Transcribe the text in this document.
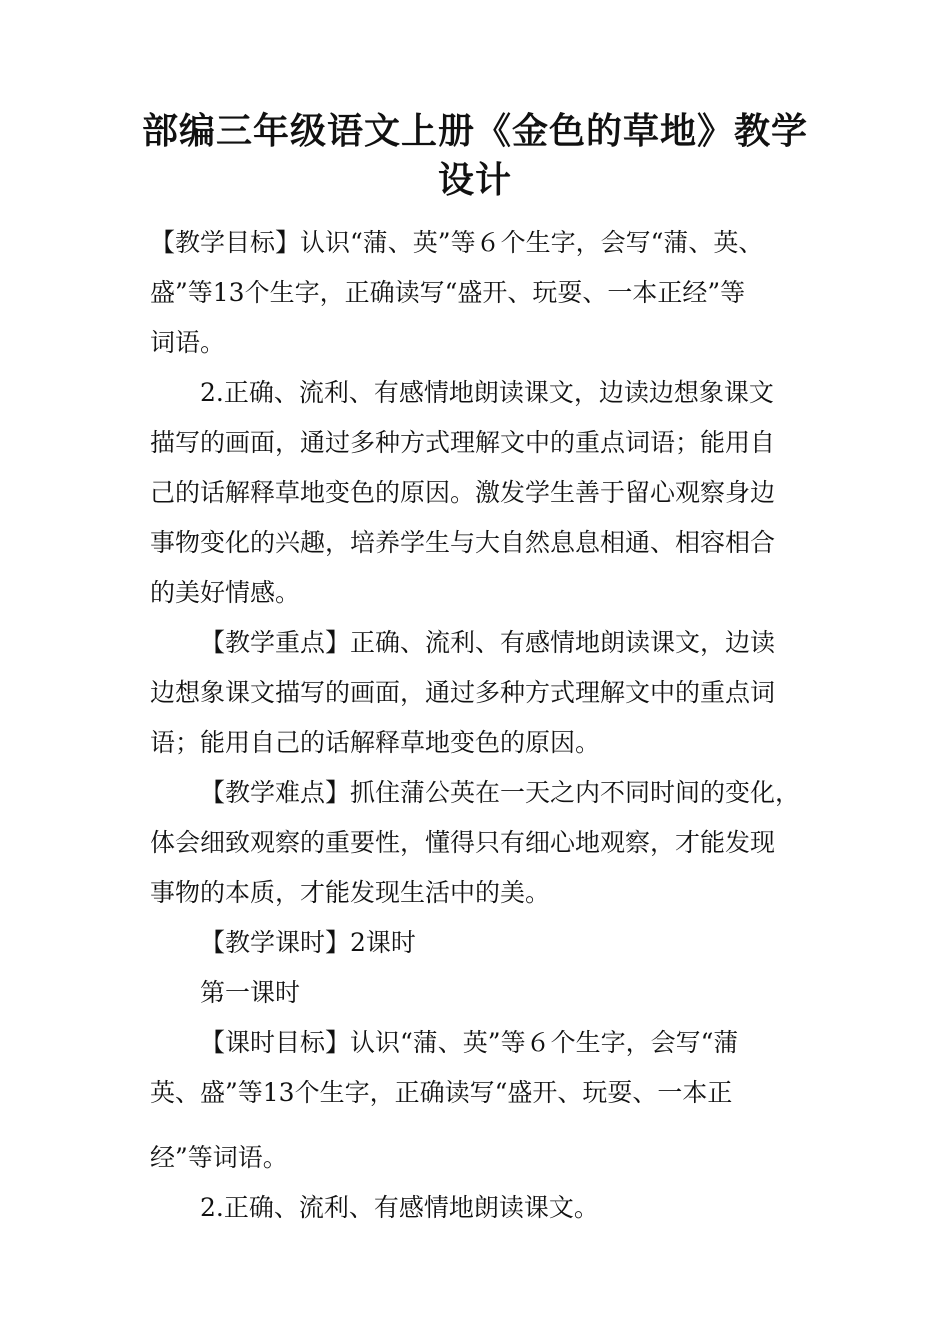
部编三年级语文上册《金色的草地》教学
设计

【教学目标】认识“蒲、英”等６个生字，会写“蒲、英、
盛”等13个生字，正确读写“盛开、玩耍、一本正经”等
词语。

2.正确、流利、有感情地朗读课文，边读边想象课文
描写的画面，通过多种方式理解文中的重点词语；能用自
己的话解释草地变色的原因。激发学生善于留心观察身边
事物变化的兴趣，培养学生与大自然息息相通、相容相合
的美好情感。

【教学重点】正确、流利、有感情地朗读课文，边读
边想象课文描写的画面，通过多种方式理解文中的重点词
语；能用自己的话解释草地变色的原因。

【教学难点】抓住蒲公英在一天之内不同时间的变化，
体会细致观察的重要性，懂得只有细心地观察，才能发现
事物的本质，才能发现生活中的美。

【教学课时】2课时

第一课时

【课时目标】认识“蒲、英”等６个生字，会写“蒲
英、盛”等13个生字，正确读写“盛开、玩耍、一本正

经”等词语。

2.正确、流利、有感情地朗读课文。
